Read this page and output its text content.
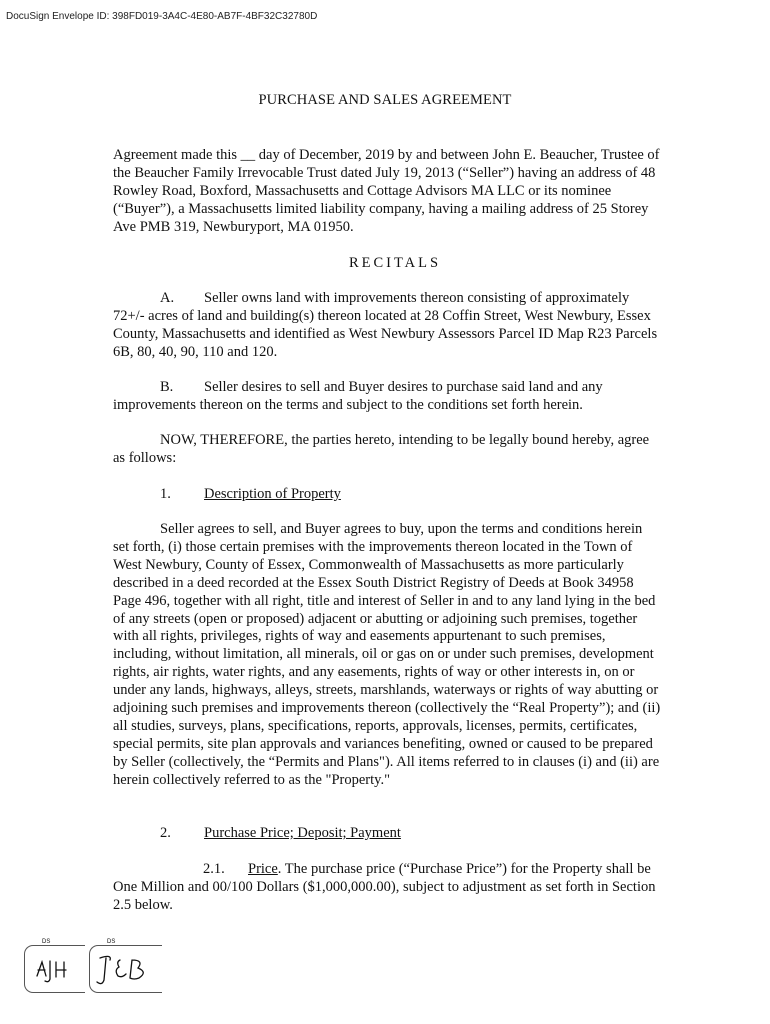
DocuSign Envelope ID: 398FD019-3A4C-4E80-AB7F-4BF32C32780D
PURCHASE AND SALES AGREEMENT

Agreement made this __ day of December, 2019 by and between John E. Beaucher, Trustee of the Beaucher Family Irrevocable Trust dated July 19, 2013 (“Seller”) having an address of 48 Rowley Road, Boxford, Massachusetts and Cottage Advisors MA LLC or its nominee (“Buyer”), a Massachusetts limited liability company, having a mailing address of 25 Storey Ave PMB 319, Newburyport, MA 01950.

RECITALS

A. Seller owns land with improvements thereon consisting of approximately 72+/- acres of land and building(s) thereon located at 28 Coffin Street, West Newbury, Essex County, Massachusetts and identified as West Newbury Assessors Parcel ID Map R23 Parcels 6B, 80, 40, 90, 110 and 120.

B. Seller desires to sell and Buyer desires to purchase said land and any improvements thereon on the terms and subject to the conditions set forth herein.

NOW, THEREFORE, the parties hereto, intending to be legally bound hereby, agree as follows:

1. Description of Property

Seller agrees to sell, and Buyer agrees to buy, upon the terms and conditions herein set forth, (i) those certain premises with the improvements thereon located in the Town of West Newbury, County of Essex, Commonwealth of Massachusetts as more particularly described in a deed recorded at the Essex South District Registry of Deeds at Book 34958 Page 496, together with all right, title and interest of Seller in and to any land lying in the bed of any streets (open or proposed) adjacent or abutting or adjoining such premises, together with all rights, privileges, rights of way and easements appurtenant to such premises, including, without limitation, all minerals, oil or gas on or under such premises, development rights, air rights, water rights, and any easements, rights of way or other interests in, on or under any lands, highways, alleys, streets, marshlands, waterways or rights of way abutting or adjoining such premises and improvements thereon (collectively the “Real Property”); and (ii) all studies, surveys, plans, specifications, reports, approvals, licenses, permits, certificates, special permits, site plan approvals and variances benefiting, owned or caused to be prepared by Seller (collectively, the “Permits and Plans"). All items referred to in clauses (i) and (ii) are herein collectively referred to as the "Property."

2. Purchase Price; Deposit; Payment

2.1. Price. The purchase price (“Purchase Price”) for the Property shall be One Million and 00/100 Dollars ($1,000,000.00), subject to adjustment as set forth in Section 2.5 below.

DS	DS
